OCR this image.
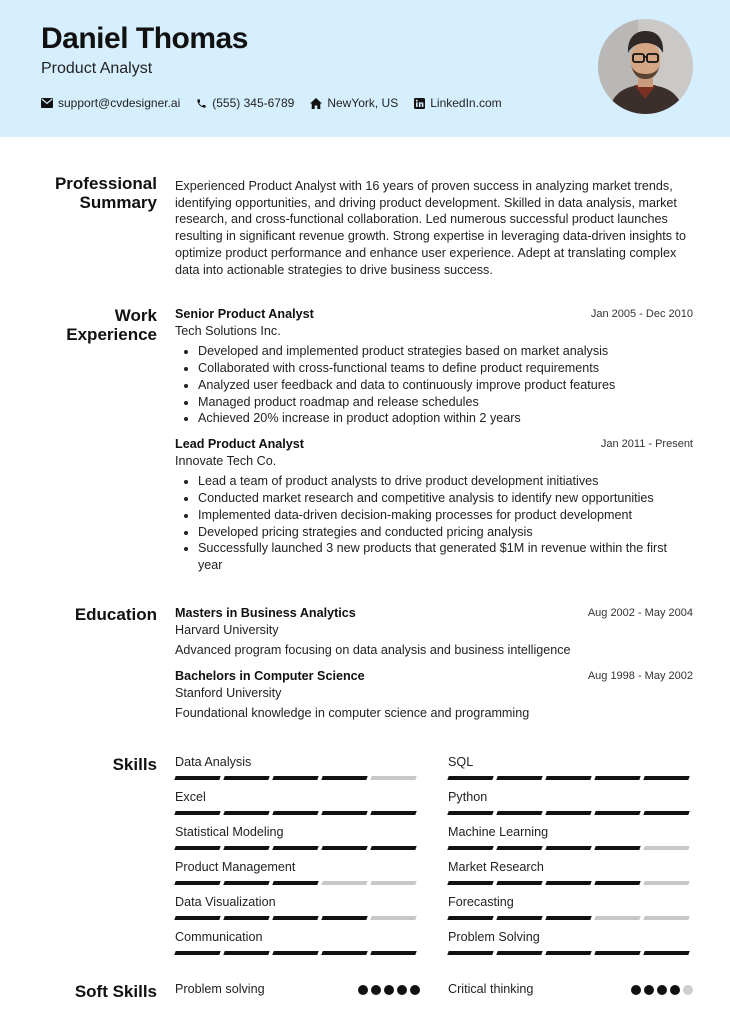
Daniel Thomas
Product Analyst
support@cvdesigner.ai	(555) 345-6789	NewYork, US	LinkedIn.com
Professional
Summary
Experienced Product Analyst with 16 years of proven success in analyzing market trends, identifying opportunities, and driving product development. Skilled in data analysis, market research, and cross-functional collaboration. Led numerous successful product launches resulting in significant revenue growth. Strong expertise in leveraging data-driven insights to optimize product performance and enhance user experience. Adept at translating complex data into actionable strategies to drive business success.
Work
Experience
Jan 2005 - Dec 2010
Senior Product Analyst
Tech Solutions Inc.
• Developed and implemented product strategies based on market analysis
• Collaborated with cross-functional teams to define product requirements
• Analyzed user feedback and data to continuously improve product features
• Managed product roadmap and release schedules
• Achieved 20% increase in product adoption within 2 years
Jan 2011 - Present
Lead Product Analyst
Innovate Tech Co.
• Lead a team of product analysts to drive product development initiatives
• Conducted market research and competitive analysis to identify new opportunities
• Implemented data-driven decision-making processes for product development
• Developed pricing strategies and conducted pricing analysis
• Successfully launched 3 new products that generated $1M in revenue within the first year
Education	Aug 2002 - May 2004
Masters in Business Analytics
Harvard University
Advanced program focusing on data analysis and business intelligence
Aug 1998 - May 2002
Bachelors in Computer Science
Stanford University
Foundational knowledge in computer science and programming
Skills Data Analysis	SQL
Excel	Python
Statistical Modeling	Machine Learning
Product Management	Market Research
Data Visualization	Forecasting
Communication	Problem Solving
Soft Skills Problem solving	Critical thinking
